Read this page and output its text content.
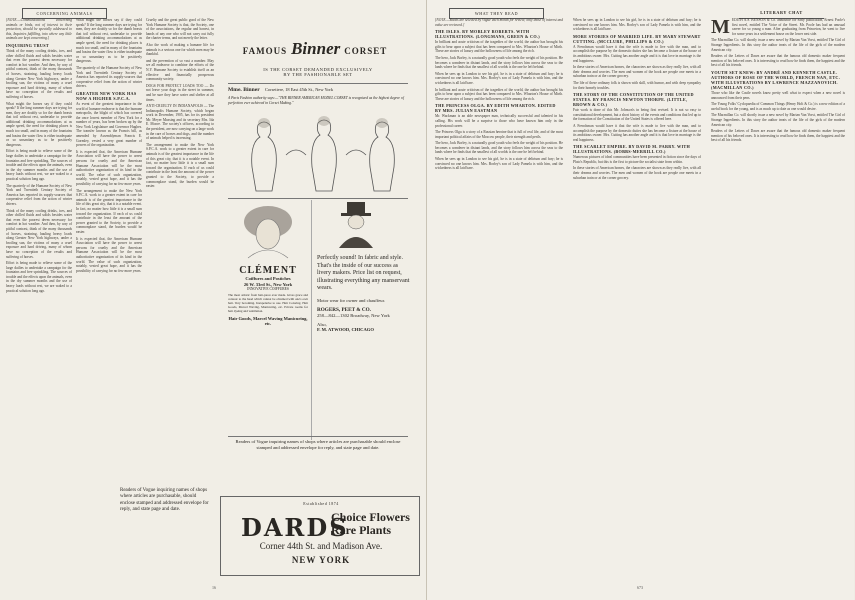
CONCERNING ANIMALS

[NOTE.—Communications concerning animals or birds, not of interest to their protection, should be specially addressed to this, Inquiries fulfilling, into where any little animals are kept concerning.]

INQUIRING TRUST

Think of the many cooling drinks, ices, and other chilled fluids and solids besides water that even the poorest deem necessary for comfort in hot weather. And then, by way of pitiful contrast, think of the many thousands of horses, straining, hauling heavy loads along Greater New York highways, under a broiling sun, the victims of many a cruel exposure and hard driving, many of whom have no conception of the results and suffering of horses.

What might the horses say if they could speak? If the long summer days are trying for men, they are doubly so for the dumb beasts that toil without rest, undertake to provide additional drinking accommodations at as ample speed, the need for drinking places is much too small, and in many of the fountains and basins the water flow is either inadequate or so unsanitary as to be positively dangerous.

Effort is being made to relieve some of the large dailies to undertake a campaign for the fountains and free sprinkling. The sources of trouble and the effects upon the animals, even in the dry summer months and the use of heavy loads without rest, we are waked to a practical solution long ago.

The quarterly of the Humane Society of New York and Twentieth Century Society of America has reported its supply-sources that cooperative relief from the action of winter drivers.

Think of the many cooling drinks, ices, and other chilled fluids and solids besides water that even the poorest deem necessary for comfort in hot weather. And then, by way of pitiful contrast, think of the many thousands of horses, straining, hauling heavy loads along Greater New York highways, under a broiling sun, the victims of many a cruel exposure and hard driving, many of whom have no conception of the results and suffering of horses.

Effort is being made to relieve some of the large dailies to undertake a campaign for the fountains and free sprinkling. The sources of trouble and the effects upon the animals, even in the dry summer months and the use of heavy loads without rest, we are waked to a practical solution long ago.

What might the horses say if they could speak? If the long summer days are trying for men, they are doubly so for the dumb beasts that toil without rest, undertake to provide additional drinking accommodations at as ample speed, the need for drinking places is much too small, and in many of the fountains and basins the water flow is either inadequate or so unsanitary as to be positively dangerous.

The quarterly of the Humane Society of New York and Twentieth Century Society of America has reported its supply-sources that cooperative relief from the action of winter drivers.

GREATER NEW YORK HAS NOW A HIGHER S.P.C.A.

As event of the greatest importance in the world of humane endeavor is that the humane metropolis, the blight of which has covered the once lowest member of New York for a number of years, has been broken up by the New York Legislature and Governor Hughes. The transfer known as the Francis bill, as amended by Assemblyman Francis E. Gormley, vested a very great number of powers of the organization.

It is expected that, the American Humane Association will have the power to arrest persons for cruelty and the American Humane Association will be the most authoritative organization of its kind in the world. The value of such organization, notably, vested great hope, and it has the possibility of carrying for no few more years.

The arrangement to make the New York S.P.C.A. work to a greater extent in care for animals is of the greatest importance in the life of this great city, that it is a notable event. In fact, no matter how little it is a small sum toward the organization. If each of us could contribute in the least the amount of the power granted to the Society, to provide a commonplace stand, the burden would be easier.

It is expected that, the American Humane Association will have the power to arrest persons for cruelty and the American Humane Association will be the most authoritative organization of its kind in the world. The value of such organization, notably, vested great hope, and it has the possibility of carrying for no few more years.

Cruelty and the great public good of the New York Humane Society is that, the Society, one of the associations, the regular and honest, in hands of any one who will not carry out fully the charter terms, and not merely the letter.

Also the work of making a humane life for animals is a serious one for which men may be thankful.

and the prevention of so vast a number. May we all endeavor to combine the efforts of the N.Y. Humane Society to establish itself as an effective and financially prosperous community society.

DOGS FOR PROTECT LOADS TOO — Do not leave your dogs in the street in summer, and be sure they have water and shelter at all times.

ANTI-CRUELTY IN INDIANAPOLIS — The Indianapolis Humane Society, which began work in December, 1905, has for its president Mr. Meyer Mussing and its secretary Mrs. Ida E. Moore. The society's officers, according to the president, are now carrying on a large work in the care of horses and dogs, and the number of animals helped is increasing.

The arrangement to make the New York S.P.C.A. work to a greater extent in care for animals is of the greatest importance in the life of this great city, that it is a notable event. In fact, no matter how little it is a small sum toward the organization. If each of us could contribute in the least the amount of the power granted to the Society, to provide a commonplace stand, the burden would be easier.

Readers of Vogue inquiring names of shops where articles are purchasable, should enclose stamped and addressed envelope for reply, and state page and date.
FAMOUS Binner CORSET
IS THE CORSET DEMANDED EXCLUSIVELY
BY THE FASHIONABLE SET
Mme. Binner Corsetiere, 18 East 45th St., New York
A Paris Fashion authority says:—"THE BINNER AMERICAN MODEL CORSET is recognized as the highest degree of perfection ever achieved in Corset Making."
CLÉMENT
Coiffures and Postiches
26 W. 33rd St., New York
INNOVATIVE COIFFURES
The most artistic front hair-piece ever made. Gives grace and contour to the head which cannot be obtained with one's own hair. Very becoming. Inexpensive to use. Hair Coloring. Hair Goods, Marcel Waving, Manicuring, etc. Private rooms for hair dyeing and ventilation.
Hair Goods, Marcel Waving Manicuring, etc.
Perfectly sound! In fabric and style. That's the inside of our success as livery makers. Price list on request, illustrating everything any manservant wears.
Motor wear for owner and chauffeur.
ROGERS, PEET & CO.
258—842—1302 Broadway, New York
Also,
F. M. ATWOOD, CHICAGO
Readers of Vogue inquiring names of shops where articles are purchasable should enclose stamped and addressed envelope for reply, and state page and date.
Established 1874
DARDS
Choice Flowers
Rare Plants
Corner 44th St. and Madison Ave.
NEW YORK
16
WHAT THEY READ	LITERARY CHAT

[NOTE.—Books are selected by Vogue each month for review; only those of interest and value are reviewed.]

THE ISLES. BY MORLEY ROBERTS. WITH ILLUSTRATIONS. (LONGMANS, GREEN & CO.)

In brilliant and acute criticism of the tragedies of the world, the author has brought his gifts to bear upon a subject that has been compared to Mrs. Wharton's House of Mirth. These are stories of luxury and the hollowness of life among the rich.

The hero, Jack Borley, is a naturally good youth who feels the weight of his position. He becomes a wanderer in distant lands, and the story follows him across the seas to the lands where he finds that the smallest of all worlds is the one he left behind.

When he sees up in London to see his girl, he is in a state of delirium and fury; he is convinced no one knows him. Mrs. Borley's son of Lady Pamela is with him, and the wickedness is all laid bare.

In brilliant and acute criticism of the tragedies of the world, the author has brought his gifts to bear upon a subject that has been compared to Mrs. Wharton's House of Mirth. These are stories of luxury and the hollowness of life among the rich.

THE PRINCESS OLGA. BY EDITH WHARTON. EDITED BY MRS. JULIAN EASTMAN

Mr. Wackman is an able newspaper man, technically successful and talented in his calling. His work will be a surprise to those who have known him only in the professional career.

The Princess Olga is a story of a Russian heroine that is full of real life, and of the most important political affairs of the Moscow people, their strength and perils.

The hero, Jack Borley, is a naturally good youth who feels the weight of his position. He becomes a wanderer in distant lands, and the story follows him across the seas to the lands where he finds that the smallest of all worlds is the one he left behind.

When he sees up in London to see his girl, he is in a state of delirium and fury; he is convinced no one knows him. Mrs. Borley's son of Lady Pamela is with him, and the wickedness is all laid bare.

When he sees up in London to see his girl, he is in a state of delirium and fury; he is convinced no one knows him. Mrs. Borley's son of Lady Pamela is with him, and the wickedness is all laid bare.

MORE STORIES OF MARRIED LIFE. BY MARY STEWART CUTTING. (MCCLURE, PHILLIPS & CO.)

A Frenchman would have it that the wife is made to live with the man, and to accomplish the purpose by the domestic duties she has become a fixture at the house of its ambitious owner. Mrs. Cutting has another angle and it is that love in marriage is the real happiness.

In these stories of American homes, the characters are shown as they really live, with all their dreams and worries. The men and women of the book are people one meets in a suburban train or at the corner grocery.

The life of these ordinary folk is shown with skill, with humor, and with deep sympathy for their homely troubles.

THE STORY OF THE CONSTITUTION OF THE UNITED STATES. BY FRANCIS NEWTON THORPE. (LITTLE, BROWN & CO.)

Fair work is done of this Mr. Johnson's in being first revised. It is not so easy to constitutional development, but a short history of the events and conditions that led up to the formation of the Constitution of the United States is offered here.

A Frenchman would have it that the wife is made to live with the man, and to accomplish the purpose by the domestic duties she has become a fixture at the house of its ambitious owner. Mrs. Cutting has another angle and it is that love in marriage is the real happiness.

THE SCARLET EMPIRE. BY DAVID M. PARRY. WITH ILLUSTRATIONS. (BOBBS-MERRILL CO.)

Numerous pictures of ideal communities have been presented in fiction since the days of Plato's Republic, but this is the first to picture the socialist state from within.

In these stories of American homes, the characters are shown as they really live, with all their dreams and worries. The men and women of the book are people one meets in a suburban train or at the corner grocery.

MEDITH A.S. BENSON & Co. announce for early publication, Ernest Poole's first novel, entitled The Voice of the Street. Mr. Poole has had an unusual career for so young a man. After graduating from Princeton, he went to live for some years in a settlement house on the lower east side.

The Macmillan Co. will shortly issue a new novel by Marian Van Vorst, entitled The Girl of Strange Ingredients. In this story the author treats of the life of the girls of the modern American city.

Readers of the Letters of Dawn are aware that the famous old domestic maker frequent mention of his beloved ones. It is interesting to read how he finds them, the happiest and the best of all his friends.

YOUTH SET KNEW: BY ANDRÉ AND KENNETH CASTLE. AUTHORS OF ROSE OF THE WORLD, FRENCH NAN, ETC. WITH ILLUSTRATIONS BY LAWRENCE MAZZANOVICH. (MACMILLAN CO.)

Those who like the Castle novels know pretty well what to expect when a new novel is announced from their pens.

The Young Folks' Cyclopaedia of Common Things (Henry Holt & Co.) is a new edition of a useful book for the young, and is as much up to date as one would desire.

The Macmillan Co. will shortly issue a new novel by Marian Van Vorst, entitled The Girl of Strange Ingredients. In this story the author treats of the life of the girls of the modern American city.

Readers of the Letters of Dawn are aware that the famous old domestic maker frequent mention of his beloved ones. It is interesting to read how he finds them, the happiest and the best of all his friends.

673
